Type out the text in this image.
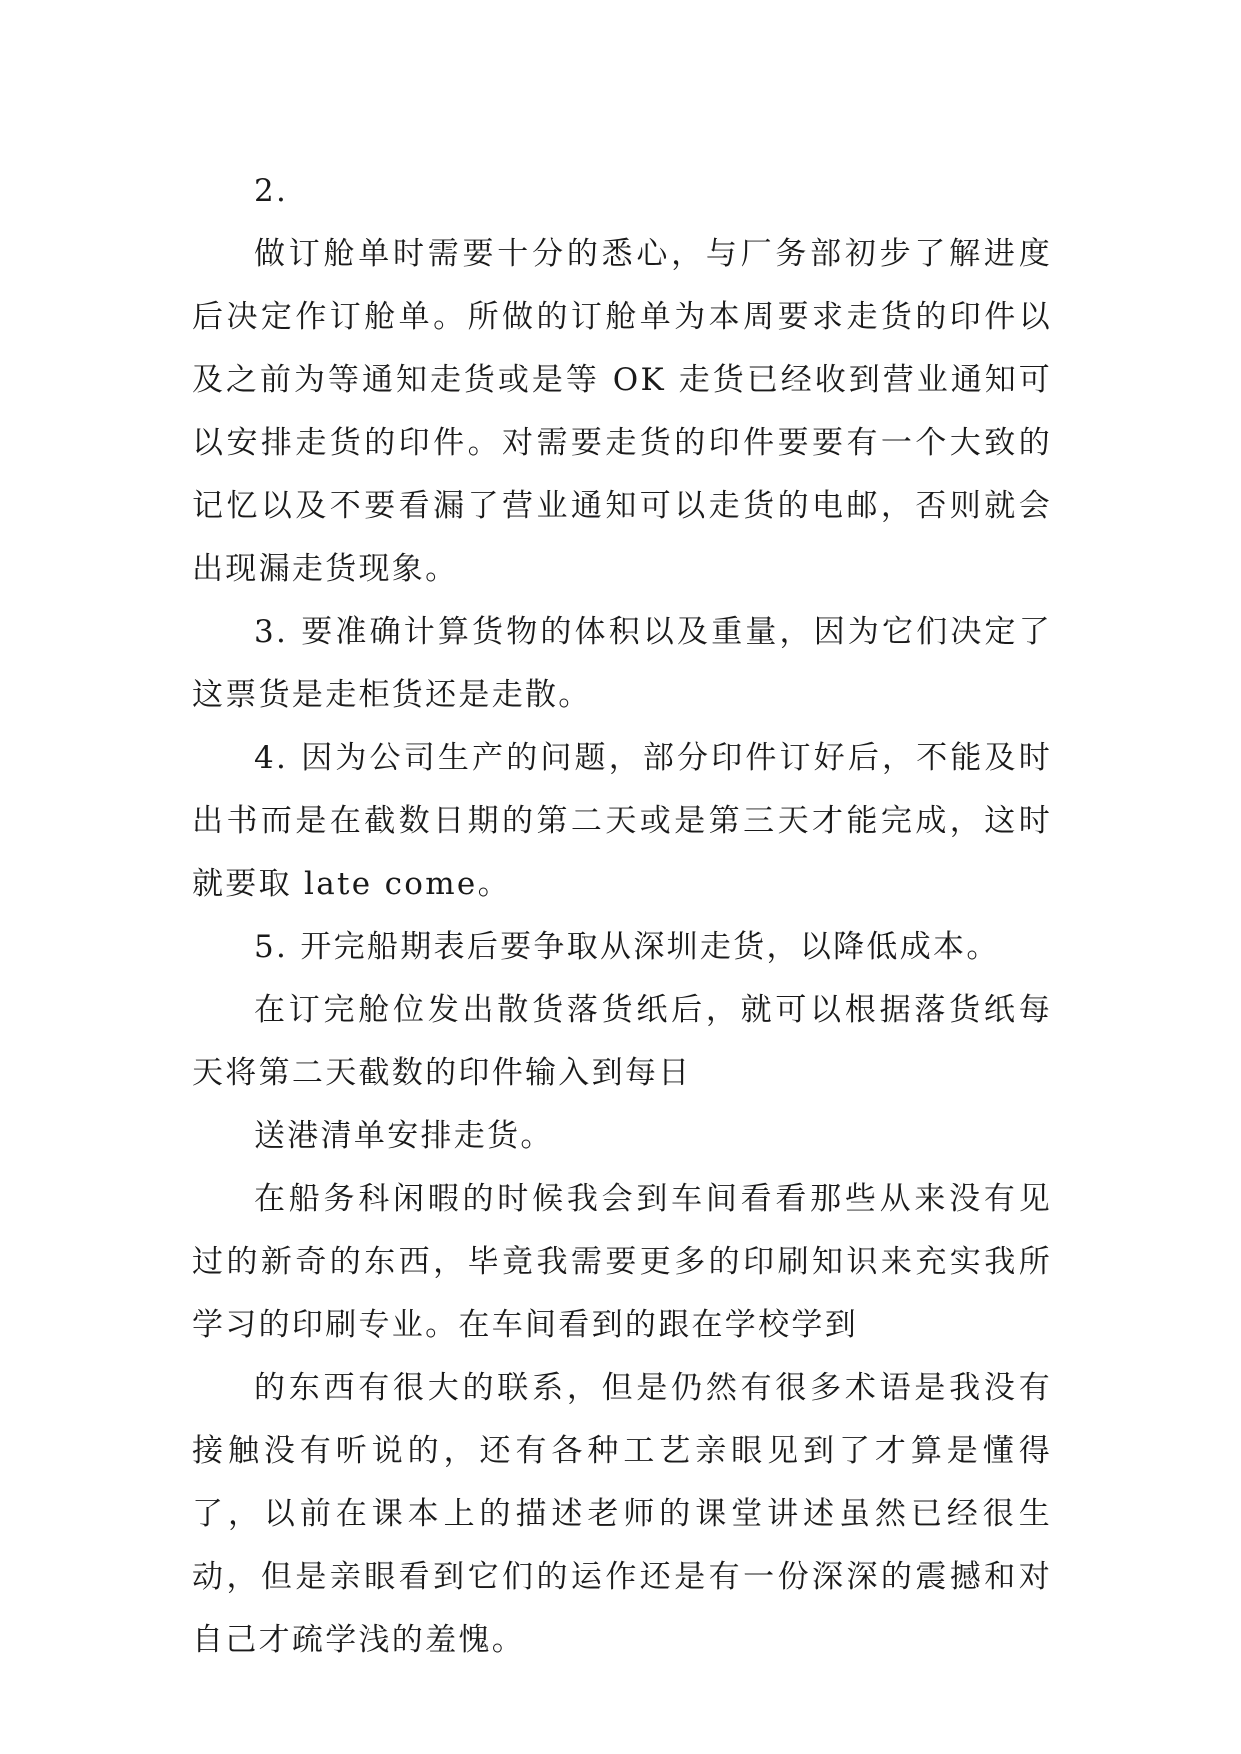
2.

做订舱单时需要十分的悉心，与厂务部初步了解进度后决定作订舱单。所做的订舱单为本周要求走货的印件以及之前为等通知走货或是等 OK 走货已经收到营业通知可以安排走货的印件。对需要走货的印件要要有一个大致的记忆以及不要看漏了营业通知可以走货的电邮，否则就会出现漏走货现象。

3. 要准确计算货物的体积以及重量，因为它们决定了这票货是走柜货还是走散。

4. 因为公司生产的问题，部分印件订好后，不能及时出书而是在截数日期的第二天或是第三天才能完成，这时就要取 late come。

5. 开完船期表后要争取从深圳走货，以降低成本。

在订完舱位发出散货落货纸后，就可以根据落货纸每天将第二天截数的印件输入到每日

送港清单安排走货。

在船务科闲暇的时候我会到车间看看那些从来没有见过的新奇的东西，毕竟我需要更多的印刷知识来充实我所学习的印刷专业。在车间看到的跟在学校学到

的东西有很大的联系，但是仍然有很多术语是我没有接触没有听说的，还有各种工艺亲眼见到了才算是懂得了，以前在课本上的描述老师的课堂讲述虽然已经很生动，但是亲眼看到它们的运作还是有一份深深的震撼和对自己才疏学浅的羞愧。
